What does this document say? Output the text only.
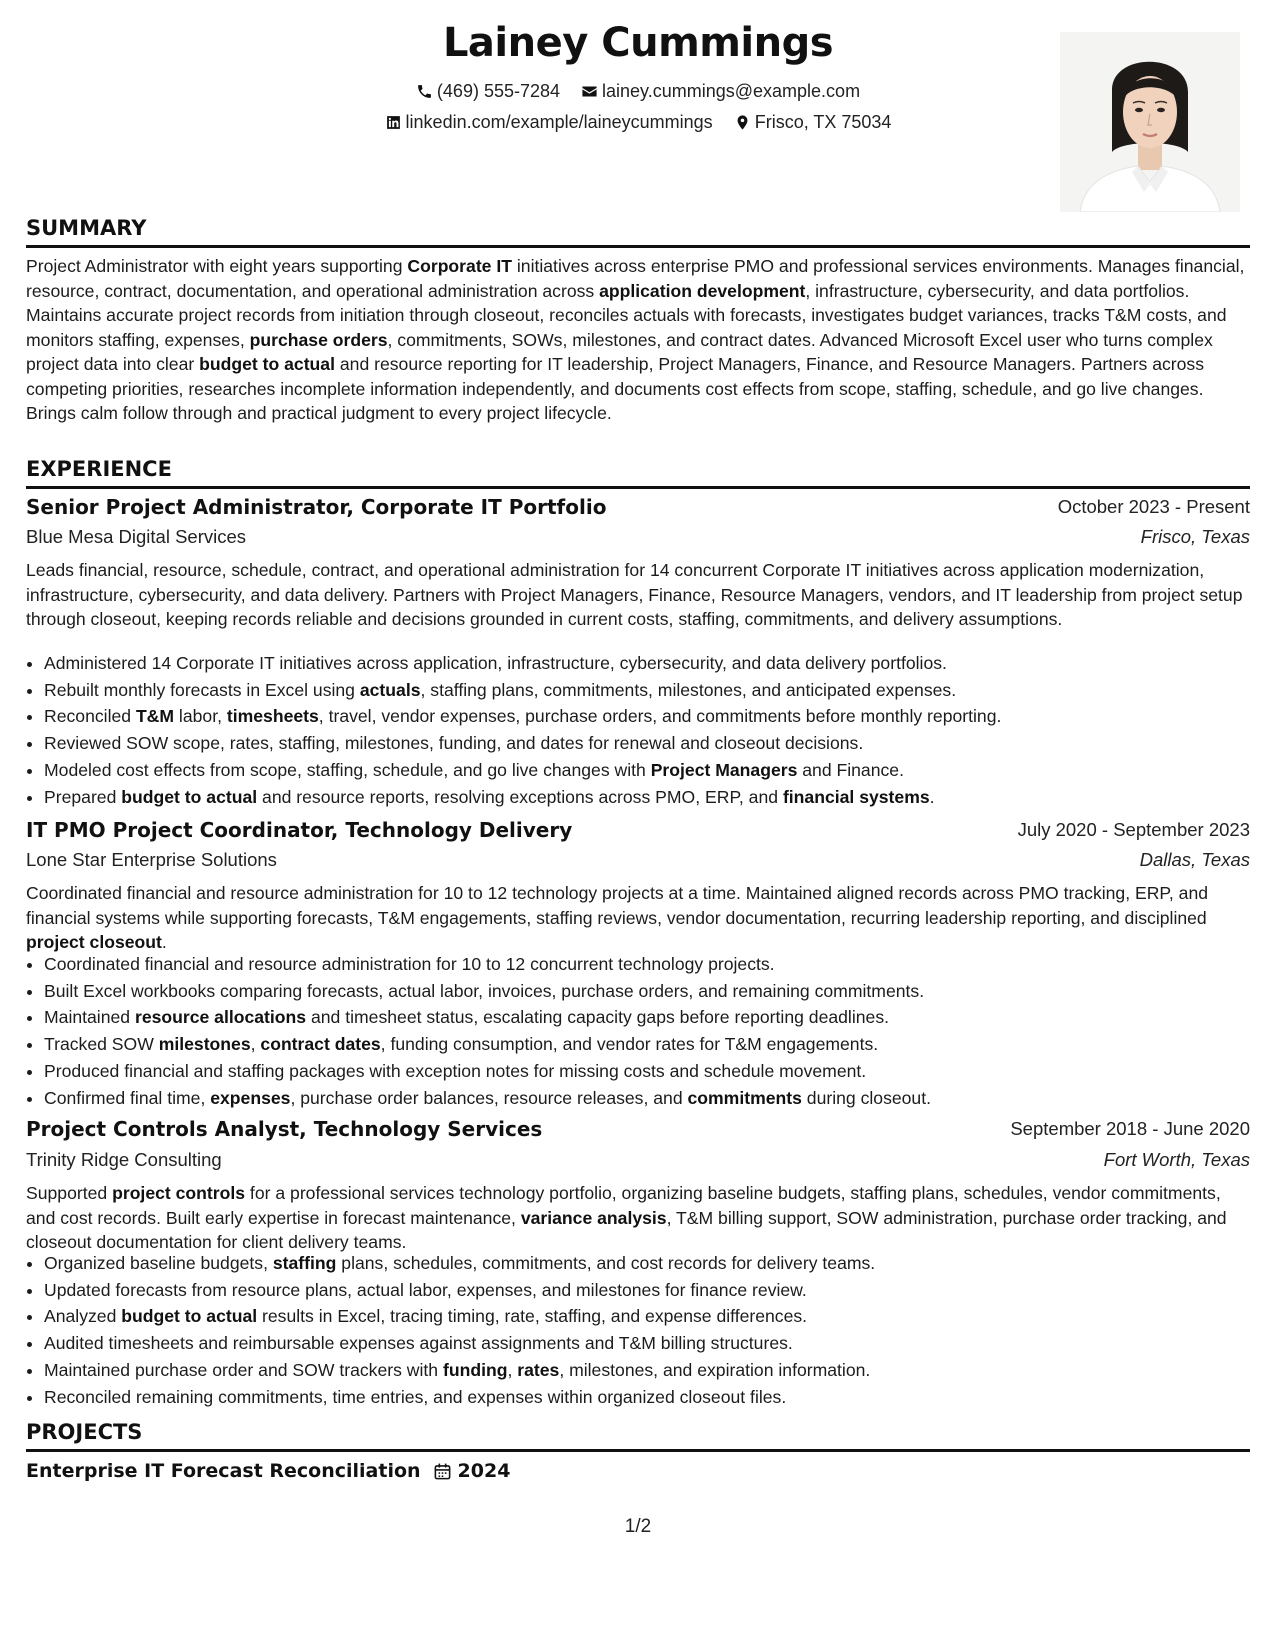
Lainey Cummings
(469) 555-7284
lainey.cummings@example.com
linkedin.com/example/laineycummings
Frisco, TX 75034
SUMMARY
Project Administrator with eight years supporting Corporate IT initiatives across enterprise PMO and professional services environments. Manages financial, resource, contract, documentation, and operational administration across application development, infrastructure, cybersecurity, and data portfolios. Maintains accurate project records from initiation through closeout, reconciles actuals with forecasts, investigates budget variances, tracks T&M costs, and monitors staffing, expenses, purchase orders, commitments, SOWs, milestones, and contract dates. Advanced Microsoft Excel user who turns complex project data into clear budget to actual and resource reporting for IT leadership, Project Managers, Finance, and Resource Managers. Partners across competing priorities, researches incomplete information independently, and documents cost effects from scope, staffing, schedule, and go live changes. Brings calm follow through and practical judgment to every project lifecycle.
EXPERIENCE
Senior Project Administrator, Corporate IT Portfolio	October 2023 - Present
Blue Mesa Digital Services	Frisco, Texas
Leads financial, resource, schedule, contract, and operational administration for 14 concurrent Corporate IT initiatives across application modernization, infrastructure, cybersecurity, and data delivery. Partners with Project Managers, Finance, Resource Managers, vendors, and IT leadership from project setup through closeout, keeping records reliable and decisions grounded in current costs, staffing, commitments, and delivery assumptions.
• Administered 14 Corporate IT initiatives across application, infrastructure, cybersecurity, and data delivery portfolios.
• Rebuilt monthly forecasts in Excel using actuals, staffing plans, commitments, milestones, and anticipated expenses.
• Reconciled T&M labor, timesheets, travel, vendor expenses, purchase orders, and commitments before monthly reporting.
• Reviewed SOW scope, rates, staffing, milestones, funding, and dates for renewal and closeout decisions.
• Modeled cost effects from scope, staffing, schedule, and go live changes with Project Managers and Finance.
• Prepared budget to actual and resource reports, resolving exceptions across PMO, ERP, and financial systems.
IT PMO Project Coordinator, Technology Delivery	July 2020 - September 2023
Lone Star Enterprise Solutions	Dallas, Texas
Coordinated financial and resource administration for 10 to 12 technology projects at a time. Maintained aligned records across PMO tracking, ERP, and financial systems while supporting forecasts, T&M engagements, staffing reviews, vendor documentation, recurring leadership reporting, and disciplined project closeout.
• Coordinated financial and resource administration for 10 to 12 concurrent technology projects.
• Built Excel workbooks comparing forecasts, actual labor, invoices, purchase orders, and remaining commitments.
• Maintained resource allocations and timesheet status, escalating capacity gaps before reporting deadlines.
• Tracked SOW milestones, contract dates, funding consumption, and vendor rates for T&M engagements.
• Produced financial and staffing packages with exception notes for missing costs and schedule movement.
• Confirmed final time, expenses, purchase order balances, resource releases, and commitments during closeout.
Project Controls Analyst, Technology Services	September 2018 - June 2020
Trinity Ridge Consulting	Fort Worth, Texas
Supported project controls for a professional services technology portfolio, organizing baseline budgets, staffing plans, schedules, vendor commitments, and cost records. Built early expertise in forecast maintenance, variance analysis, T&M billing support, SOW administration, purchase order tracking, and closeout documentation for client delivery teams.
• Organized baseline budgets, staffing plans, schedules, commitments, and cost records for delivery teams.
• Updated forecasts from resource plans, actual labor, expenses, and milestones for finance review.
• Analyzed budget to actual results in Excel, tracing timing, rate, staffing, and expense differences.
• Audited timesheets and reimbursable expenses against assignments and T&M billing structures.
• Maintained purchase order and SOW trackers with funding, rates, milestones, and expiration information.
• Reconciled remaining commitments, time entries, and expenses within organized closeout files.
PROJECTS
Enterprise IT Forecast Reconciliation 2024
1/2
